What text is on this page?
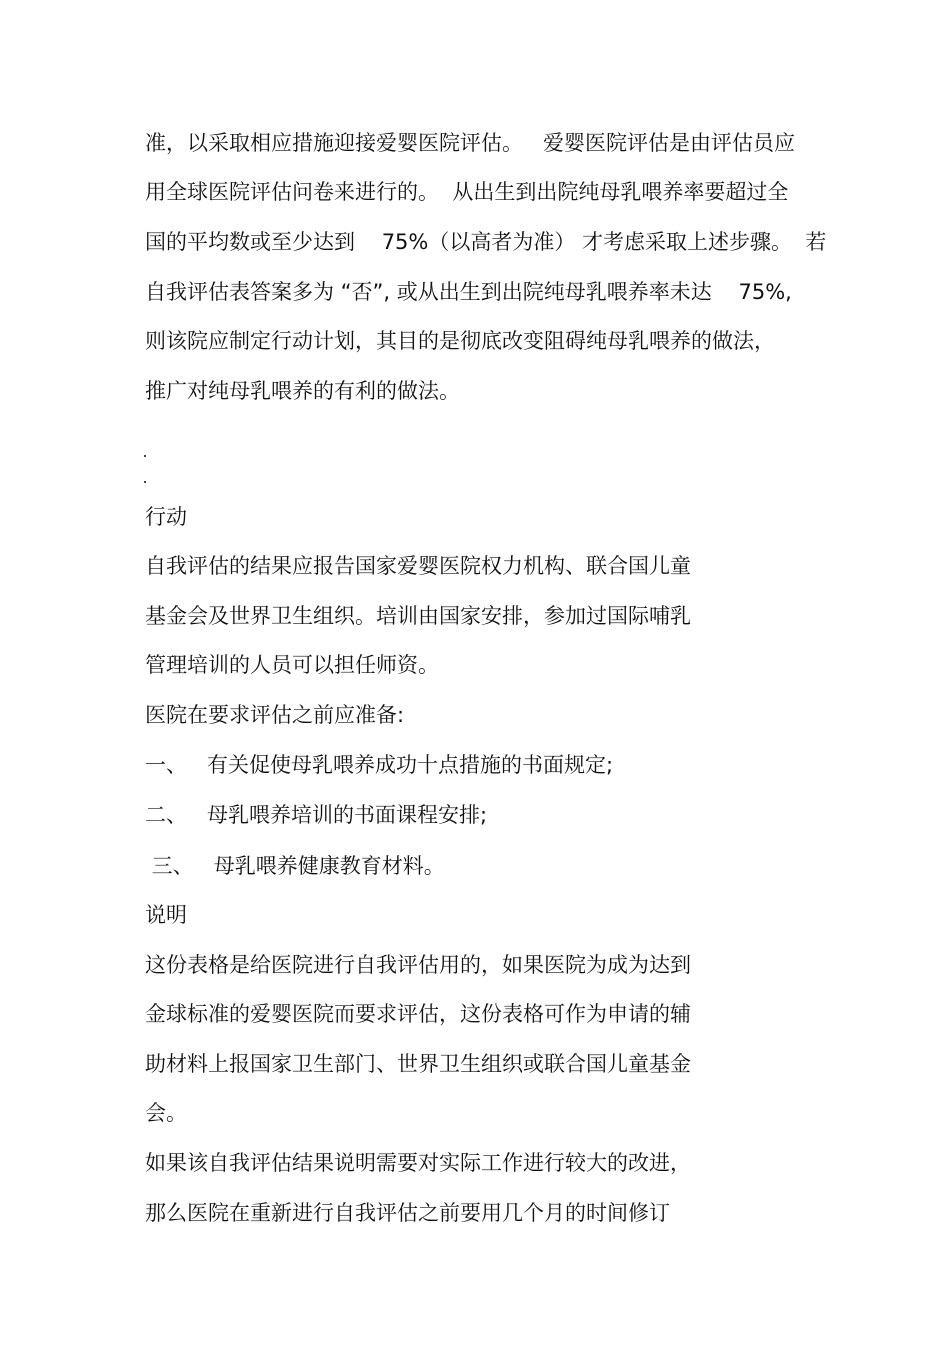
准，以采取相应措施迎接爱婴医院评估。   爱婴医院评估是由评估员应
用全球医院评估问卷来进行的。  从出生到出院纯母乳喂养率要超过全
国的平均数或至少达到    75%（以高者为准） 才考虑采取上述步骤。  若
自我评估表答案多为 “否”, 或从出生到出院纯母乳喂养率未达    75%,
则该院应制定行动计划，其目的是彻底改变阻碍纯母乳喂养的做法，
推广对纯母乳喂养的有利的做法。
行动
自我评估的结果应报告国家爱婴医院权力机构、联合国儿童
基金会及世界卫生组织。培训由国家安排，参加过国际哺乳
管理培训的人员可以担任师资。
医院在要求评估之前应准备:
一、   有关促使母乳喂养成功十点措施的书面规定;
二、   母乳喂养培训的书面课程安排;
三、   母乳喂养健康教育材料。
说明
这份表格是给医院进行自我评估用的，如果医院为成为达到
金球标准的爱婴医院而要求评估，这份表格可作为申请的辅
助材料上报国家卫生部门、世界卫生组织或联合国儿童基金
会。
如果该自我评估结果说明需要对实际工作进行较大的改进，
那么医院在重新进行自我评估之前要用几个月的时间修订
